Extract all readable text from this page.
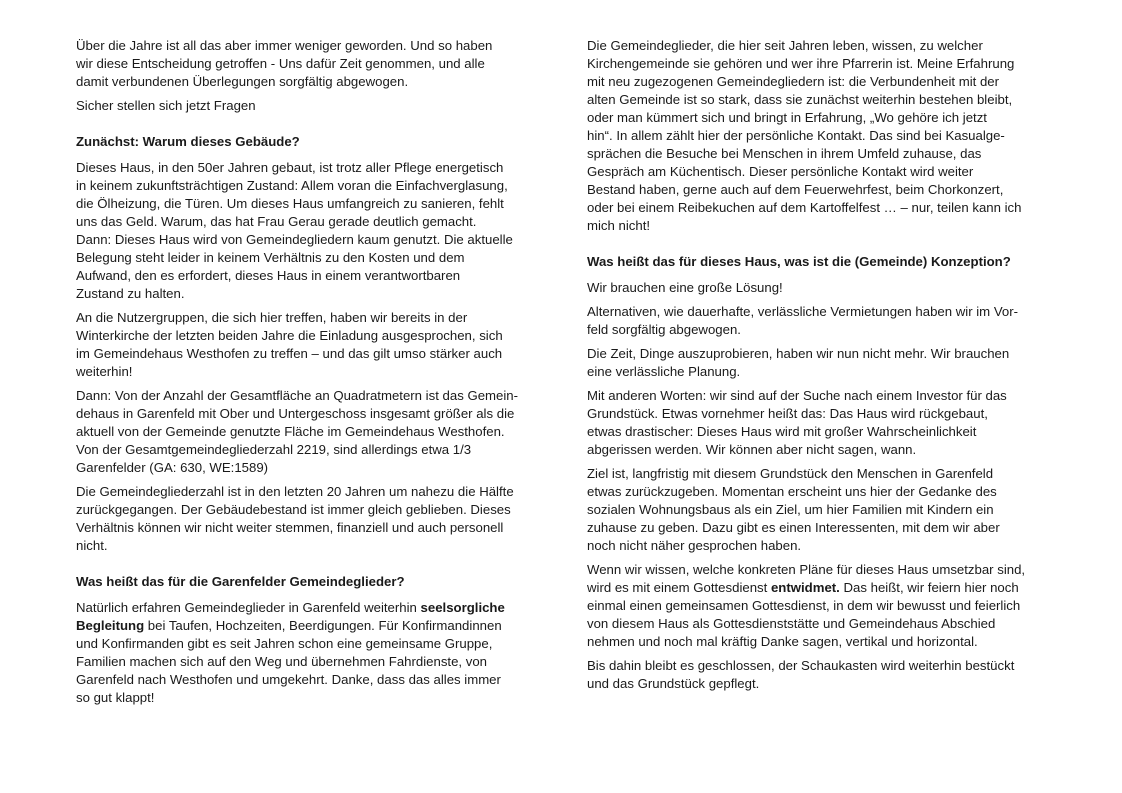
Über die Jahre ist all das aber immer weniger geworden. Und so haben
wir diese Entscheidung getroffen - Uns dafür Zeit genommen, und alle
damit verbundenen Überlegungen sorgfältig abgewogen.

Sicher stellen sich jetzt Fragen

Zunächst: Warum dieses Gebäude?

Dieses Haus, in den 50er Jahren gebaut, ist trotz aller Pflege energetisch
in keinem zukunftsträchtigen Zustand: Allem voran die Einfachverglasung,
die Ölheizung, die Türen. Um dieses Haus umfangreich zu sanieren, fehlt
uns das Geld. Warum, das hat Frau Gerau gerade deutlich gemacht.
Dann: Dieses Haus wird von Gemeindegliedern kaum genutzt. Die aktuelle
Belegung steht leider in keinem Verhältnis zu den Kosten und dem
Aufwand, den es erfordert, dieses Haus in einem verantwortbaren
Zustand zu halten.

An die Nutzergruppen, die sich hier treffen, haben wir bereits in der
Winterkirche der letzten beiden Jahre die Einladung ausgesprochen, sich
im Gemeindehaus Westhofen zu treffen – und das gilt umso stärker auch
weiterhin!

Dann: Von der Anzahl der Gesamtfläche an Quadratmetern ist das Gemein-
dehaus in Garenfeld mit Ober und Untergeschoss insgesamt größer als die
aktuell von der Gemeinde genutzte Fläche im Gemeindehaus Westhofen.
Von der Gesamtgemeindegliederzahl 2219, sind allerdings etwa 1/3
Garenfelder (GA: 630, WE:1589)

Die Gemeindegliederzahl ist in den letzten 20 Jahren um nahezu die Hälfte
zurückgegangen. Der Gebäudebestand ist immer gleich geblieben. Dieses
Verhältnis können wir nicht weiter stemmen, finanziell und auch personell
nicht.

Was heißt das für die Garenfelder Gemeindeglieder?

Natürlich erfahren Gemeindeglieder in Garenfeld weiterhin seelsorgliche
Begleitung bei Taufen, Hochzeiten, Beerdigungen. Für Konfirmandinnen
und Konfirmanden gibt es seit Jahren schon eine gemeinsame Gruppe,
Familien machen sich auf den Weg und übernehmen Fahrdienste, von
Garenfeld nach Westhofen und umgekehrt. Danke, dass das alles immer
so gut klappt!

Die Gemeindeglieder, die hier seit Jahren leben, wissen, zu welcher
Kirchengemeinde sie gehören und wer ihre Pfarrerin ist. Meine Erfahrung
mit neu zugezogenen Gemeindegliedern ist: die Verbundenheit mit der
alten Gemeinde ist so stark, dass sie zunächst weiterhin bestehen bleibt,
oder man kümmert sich und bringt in Erfahrung, „Wo gehöre ich jetzt
hin“. In allem zählt hier der persönliche Kontakt. Das sind bei Kasualge-
sprächen die Besuche bei Menschen in ihrem Umfeld zuhause, das
Gespräch am Küchentisch. Dieser persönliche Kontakt wird weiter
Bestand haben, gerne auch auf dem Feuerwehrfest, beim Chorkonzert,
oder bei einem Reibekuchen auf dem Kartoffelfest … – nur, teilen kann ich
mich nicht!

Was heißt das für dieses Haus, was ist die (Gemeinde) Konzeption?

Wir brauchen eine große Lösung!

Alternativen, wie dauerhafte, verlässliche Vermietungen haben wir im Vor-
feld sorgfältig abgewogen.

Die Zeit, Dinge auszuprobieren, haben wir nun nicht mehr. Wir brauchen
eine verlässliche Planung.

Mit anderen Worten: wir sind auf der Suche nach einem Investor für das
Grundstück. Etwas vornehmer heißt das: Das Haus wird rückgebaut,
etwas drastischer: Dieses Haus wird mit großer Wahrscheinlichkeit
abgerissen werden. Wir können aber nicht sagen, wann.

Ziel ist, langfristig mit diesem Grundstück den Menschen in Garenfeld
etwas zurückzugeben. Momentan erscheint uns hier der Gedanke des
sozialen Wohnungsbaus als ein Ziel, um hier Familien mit Kindern ein
zuhause zu geben. Dazu gibt es einen Interessenten, mit dem wir aber
noch nicht näher gesprochen haben.

Wenn wir wissen, welche konkreten Pläne für dieses Haus umsetzbar sind,
wird es mit einem Gottesdienst entwidmet. Das heißt, wir feiern hier noch
einmal einen gemeinsamen Gottesdienst, in dem wir bewusst und feierlich
von diesem Haus als Gottesdienststätte und Gemeindehaus Abschied
nehmen und noch mal kräftig Danke sagen, vertikal und horizontal.

Bis dahin bleibt es geschlossen, der Schaukasten wird weiterhin bestückt
und das Grundstück gepflegt.
